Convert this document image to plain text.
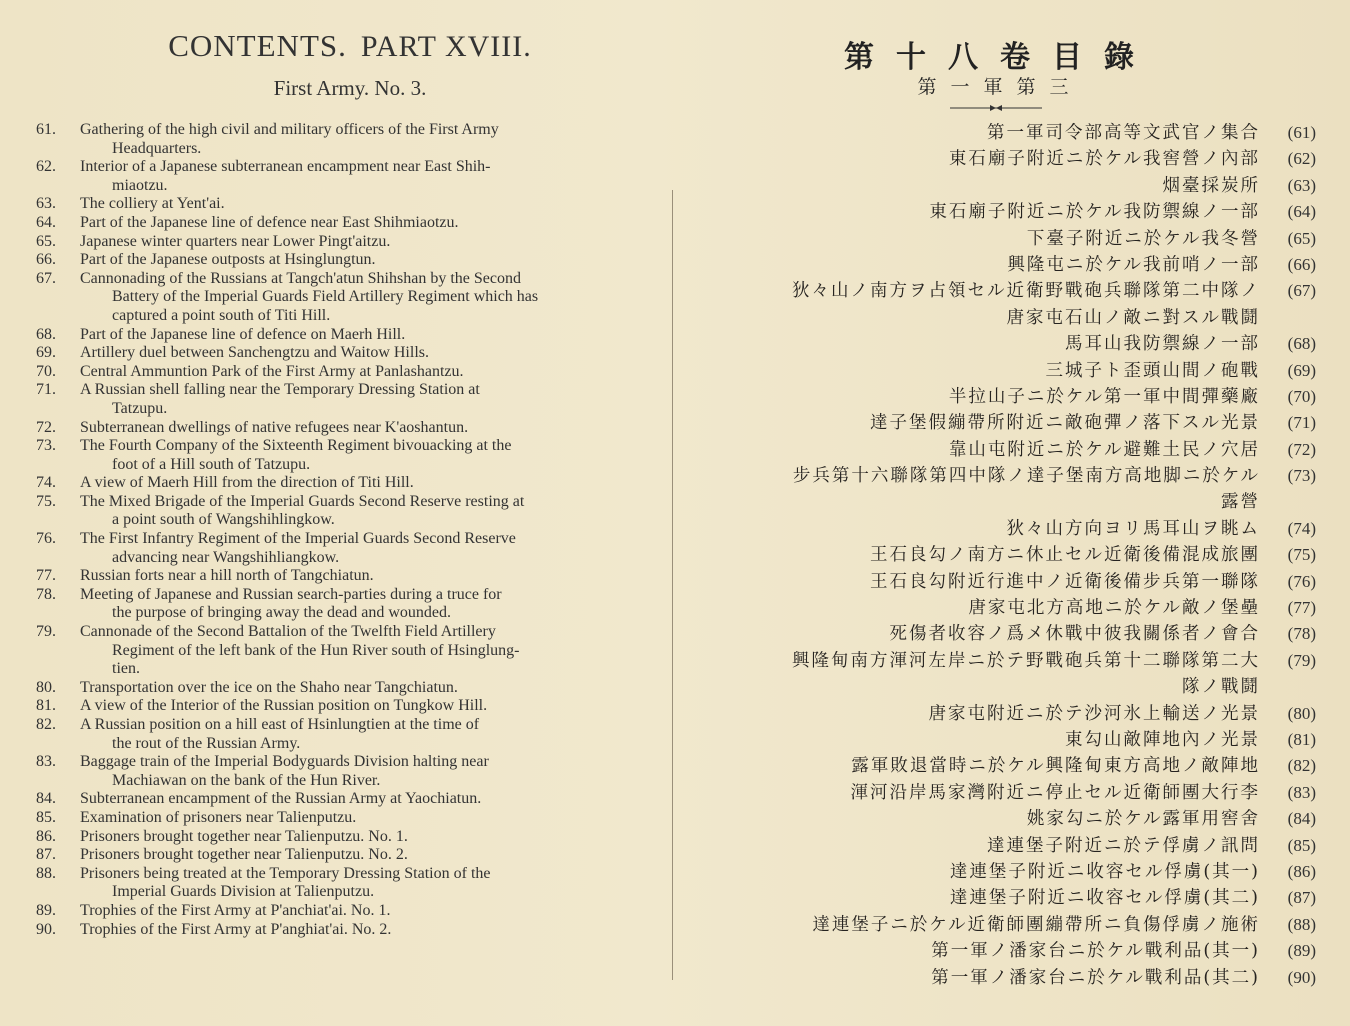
CONTENTS. PART XVIII.
First Army. No. 3.
61.	Gathering of the high civil and military officers of the First Army
Headquarters.
62.	Interior of a Japanese subterranean encampment near East Shih-
miaotzu.
63.	The colliery at Yent'ai.
64.	Part of the Japanese line of defence near East Shihmiaotzu.
65.	Japanese winter quarters near Lower Pingt'aitzu.
66.	Part of the Japanese outposts at Hsinglungtun.
67.	Cannonading of the Russians at Tangch'atun Shihshan by the Second
Battery of the Imperial Guards Field Artillery Regiment which has
captured a point south of Titi Hill.
68.	Part of the Japanese line of defence on Maerh Hill.
69.	Artillery duel between Sanchengtzu and Waitow Hills.
70.	Central Ammuntion Park of the First Army at Panlashantzu.
71.	A Russian shell falling near the Temporary Dressing Station at
Tatzupu.
72.	Subterranean dwellings of native refugees near K'aoshantun.
73.	The Fourth Company of the Sixteenth Regiment bivouacking at the
foot of a Hill south of Tatzupu.
74.	A view of Maerh Hill from the direction of Titi Hill.
75.	The Mixed Brigade of the Imperial Guards Second Reserve resting at
a point south of Wangshihlingkow.
76.	The First Infantry Regiment of the Imperial Guards Second Reserve
advancing near Wangshihliangkow.
77.	Russian forts near a hill north of Tangchiatun.
78.	Meeting of Japanese and Russian search-parties during a truce for
the purpose of bringing away the dead and wounded.
79.	Cannonade of the Second Battalion of the Twelfth Field Artillery
Regiment of the left bank of the Hun River south of Hsinglung-
tien.
80.	Transportation over the ice on the Shaho near Tangchiatun.
81.	A view of the Interior of the Russian position on Tungkow Hill.
82.	A Russian position on a hill east of Hsinlungtien at the time of
the rout of the Russian Army.
83.	Baggage train of the Imperial Bodyguards Division halting near
Machiawan on the bank of the Hun River.
84.	Subterranean encampment of the Russian Army at Yaochiatun.
85.	Examination of prisoners near Talienputzu.
86.	Prisoners brought together near Talienputzu. No. 1.
87.	Prisoners brought together near Talienputzu. No. 2.
88.	Prisoners being treated at the Temporary Dressing Station of the
Imperial Guards Division at Talienputzu.
89.	Trophies of the First Army at P'anchiat'ai. No. 1.
90.	Trophies of the First Army at P'anghiat'ai. No. 2.
第十八卷目錄
第一軍第三
第一軍司令部高等文武官ノ集合	(61)
東石廟子附近ニ於ケル我窖營ノ內部	(62)
烟臺採炭所	(63)
東石廟子附近ニ於ケル我防禦線ノ一部	(64)
下臺子附近ニ於ケル我冬營	(65)
興隆屯ニ於ケル我前哨ノ一部	(66)
狄々山ノ南方ヲ占領セル近衛野戰砲兵聯隊第二中隊ノ	(67)
唐家屯石山ノ敵ニ對スル戰鬪
馬耳山我防禦線ノ一部	(68)
三城子ト歪頭山間ノ砲戰	(69)
半拉山子ニ於ケル第一軍中間彈藥廠	(70)
達子堡假繃帶所附近ニ敵砲彈ノ落下スル光景	(71)
靠山屯附近ニ於ケル避難土民ノ穴居	(72)
步兵第十六聯隊第四中隊ノ達子堡南方高地脚ニ於ケル	(73)
露營
狄々山方向ヨリ馬耳山ヲ眺ム	(74)
王石良勾ノ南方ニ休止セル近衛後備混成旅團	(75)
王石良勾附近行進中ノ近衛後備步兵第一聯隊	(76)
唐家屯北方高地ニ於ケル敵ノ堡壘	(77)
死傷者收容ノ爲メ休戰中彼我關係者ノ會合	(78)
興隆甸南方渾河左岸ニ於テ野戰砲兵第十二聯隊第二大	(79)
隊ノ戰鬪
唐家屯附近ニ於テ沙河氷上輸送ノ光景	(80)
東勾山敵陣地內ノ光景	(81)
露軍敗退當時ニ於ケル興隆甸東方高地ノ敵陣地	(82)
渾河沿岸馬家灣附近ニ停止セル近衛師團大行李	(83)
姚家勾ニ於ケル露軍用窖舍	(84)
達連堡子附近ニ於テ俘虜ノ訊問	(85)
達連堡子附近ニ收容セル俘虜(其一)	(86)
達連堡子附近ニ收容セル俘虜(其二)	(87)
達連堡子ニ於ケル近衛師團繃帶所ニ負傷俘虜ノ施術	(88)
第一軍ノ潘家台ニ於ケル戰利品(其一)	(89)
第一軍ノ潘家台ニ於ケル戰利品(其二)	(90)
